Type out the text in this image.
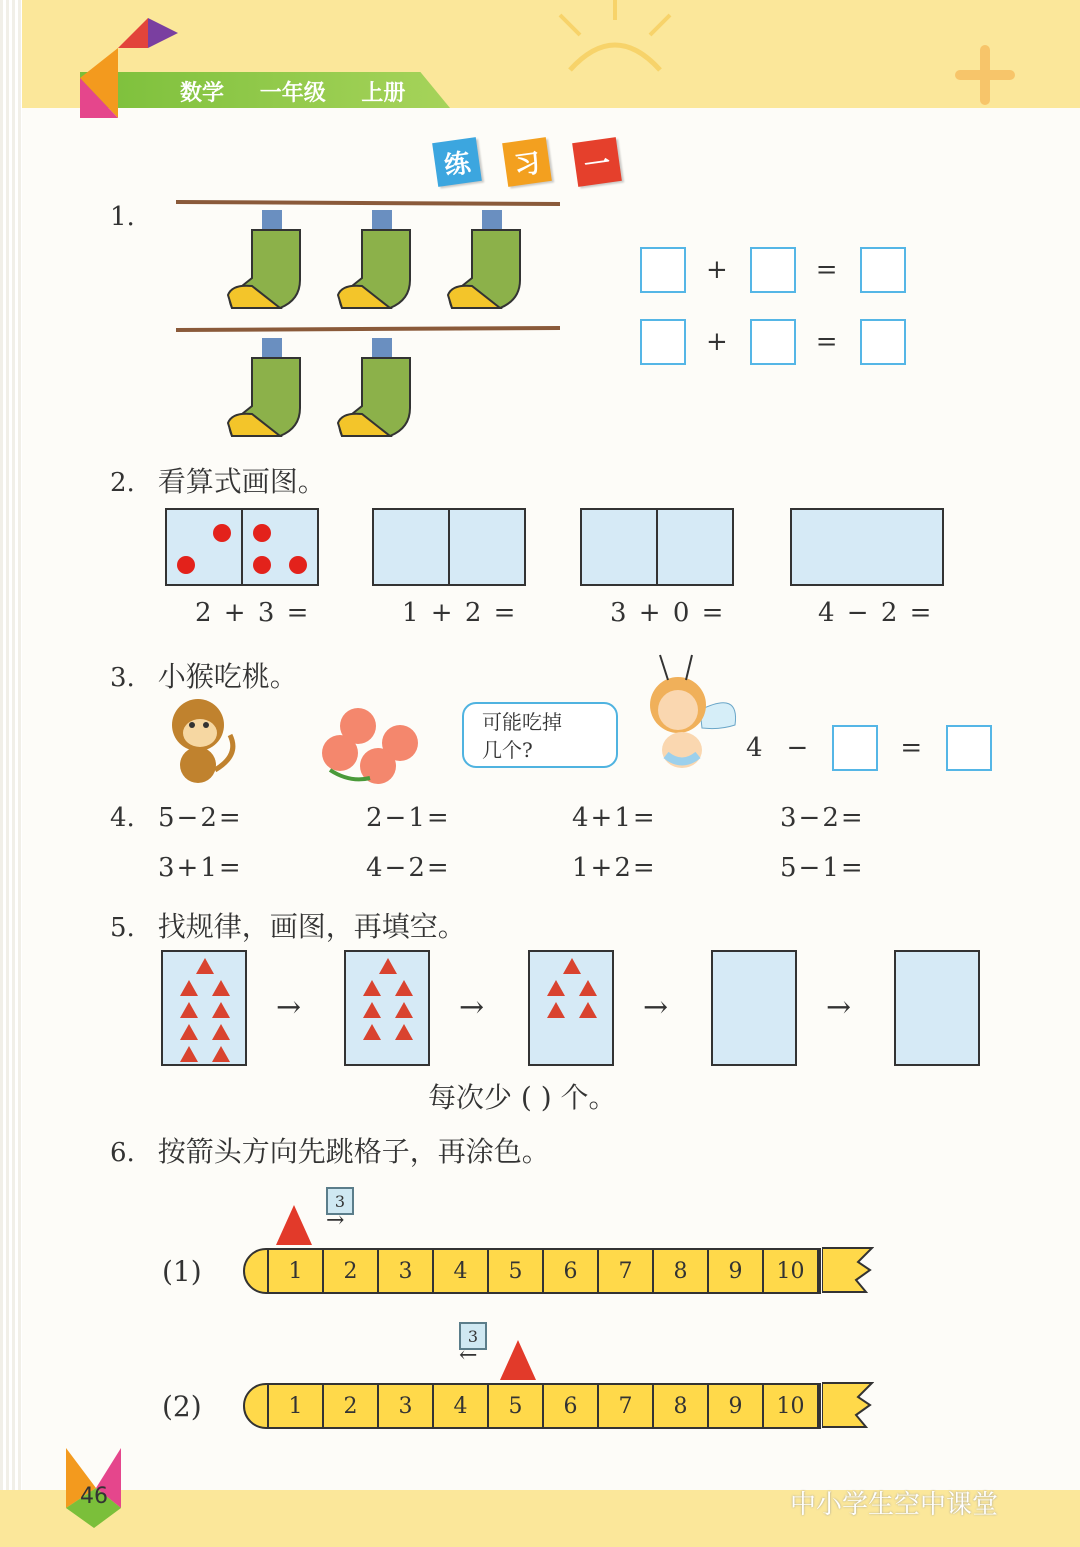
数学 一年级 上册
练	习	一
1.
+	=
+	=
2. 看算式画图。
2 + 3 =	1 + 2 =	3 + 0 =	4 − 2 =
3. 小猴吃桃。
可能吃掉
几个?	4 −	=
4. 5−2=	2−1=	4+1=	3−2=
3+1=	4−2=	1+2=	5−1=
5. 找规律，画图，再填空。
→	→	→	→
每次少 ( ) 个。
6. 按箭头方向先跳格子，再涂色。
(1)
3
→
1	2	3	4	5	6	7	8	9	10
(2)
3
←
1	2	3	4	5	6	7	8	9	10
46	中小学生空中课堂
